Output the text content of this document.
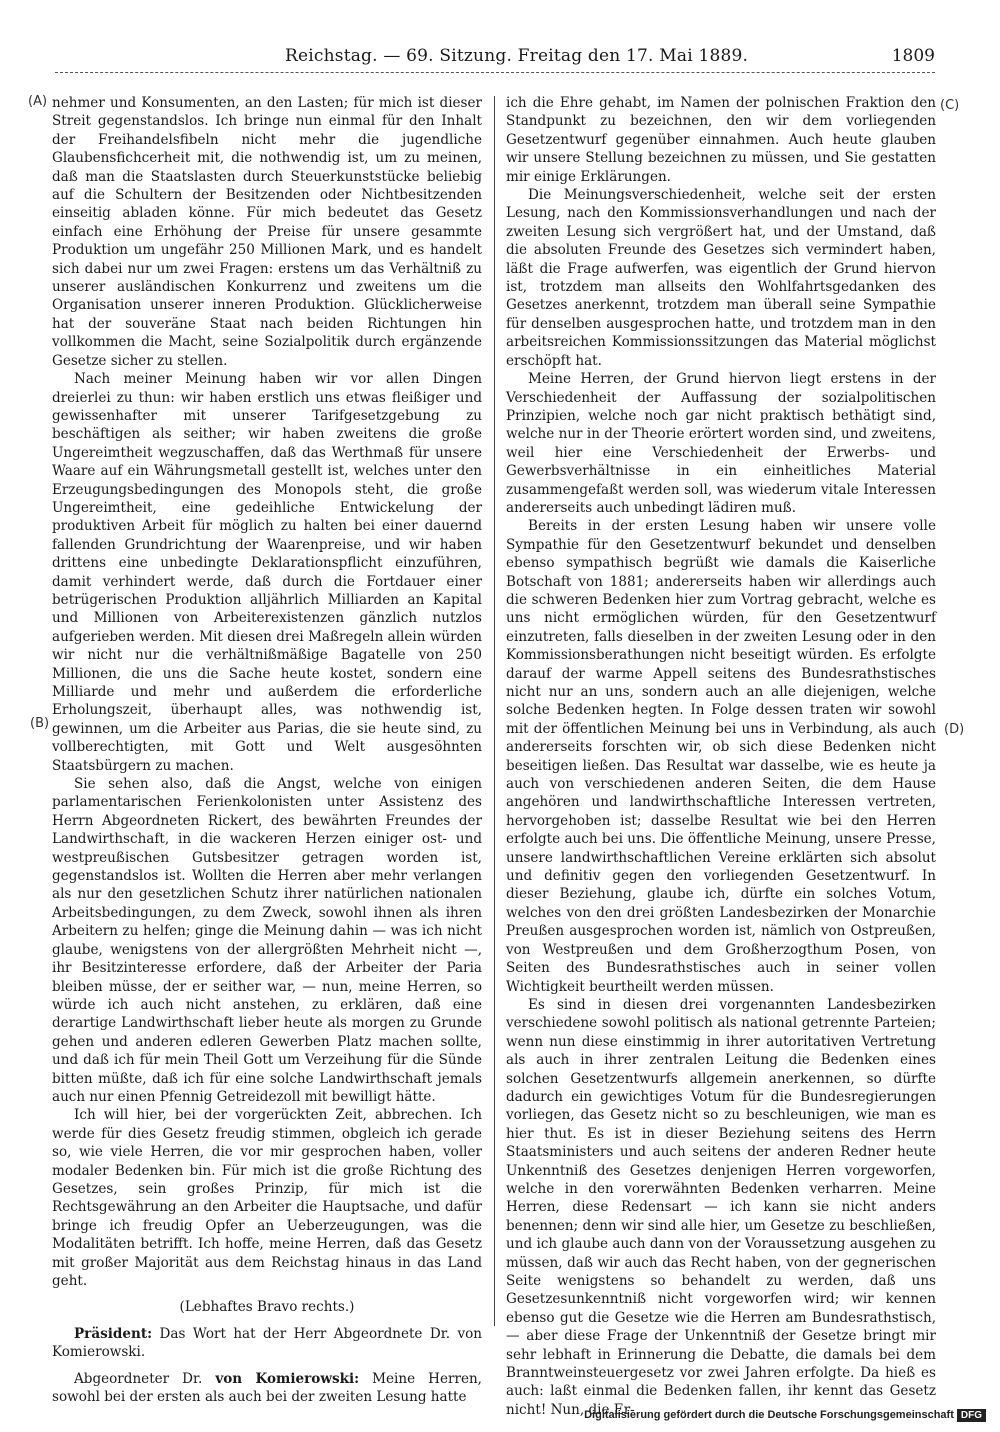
Reichstag. — 69. Sitzung. Freitag den 17. Mai 1889.	1809
(A)
(B)
(C)
(D)

nehmer und Konsumenten, an den Lasten; für mich ist dieser Streit gegenstandslos. Ich bringe nun einmal für den Inhalt der Freihandelsfibeln nicht mehr die jugendliche Glaubensfichcerheit mit, die nothwendig ist, um zu meinen, daß man die Staatslasten durch Steuerkunststücke beliebig auf die Schultern der Besitzenden oder Nichtbesitzenden einseitig abladen könne. Für mich bedeutet das Gesetz einfach eine Erhöhung der Preise für unsere gesammte Produktion um ungefähr 250 Millionen Mark, und es handelt sich dabei nur um zwei Fragen: erstens um das Verhältniß zu unserer ausländischen Konkurrenz und zweitens um die Organisation unserer inneren Produktion. Glücklicherweise hat der souveräne Staat nach beiden Richtungen hin vollkommen die Macht, seine Sozialpolitik durch ergänzende Gesetze sicher zu stellen.

Nach meiner Meinung haben wir vor allen Dingen dreierlei zu thun: wir haben erstlich uns etwas fleißiger und gewissenhafter mit unserer Tarifgesetzgebung zu beschäftigen als seither; wir haben zweitens die große Ungereimtheit wegzuschaffen, daß das Werthmaß für unsere Waare auf ein Währungsmetall gestellt ist, welches unter den Erzeugungsbedingungen des Monopols steht, die große Ungereimtheit, eine gedeihliche Entwickelung der produktiven Arbeit für möglich zu halten bei einer dauernd fallenden Grundrichtung der Waarenpreise, und wir haben drittens eine unbedingte Deklarationspflicht einzuführen, damit verhindert werde, daß durch die Fortdauer einer betrügerischen Produktion alljährlich Milliarden an Kapital und Millionen von Arbeiterexistenzen gänzlich nutzlos aufgerieben werden. Mit diesen drei Maßregeln allein würden wir nicht nur die verhältnißmäßige Bagatelle von 250 Millionen, die uns die Sache heute kostet, sondern eine Milliarde und mehr und außerdem die erforderliche Erholungszeit, überhaupt alles, was nothwendig ist, gewinnen, um die Arbeiter aus Parias, die sie heute sind, zu vollberechtigten, mit Gott und Welt ausgesöhnten Staatsbürgern zu machen.

Sie sehen also, daß die Angst, welche von einigen parlamentarischen Ferienkolonisten unter Assistenz des Herrn Abgeordneten Rickert, des bewährten Freundes der Landwirthschaft, in die wackeren Herzen einiger ost- und westpreußischen Gutsbesitzer getragen worden ist, gegenstandslos ist. Wollten die Herren aber mehr verlangen als nur den gesetzlichen Schutz ihrer natürlichen nationalen Arbeitsbedingungen, zu dem Zweck, sowohl ihnen als ihren Arbeitern zu helfen; ginge die Meinung dahin — was ich nicht glaube, wenigstens von der allergrößten Mehrheit nicht —, ihr Besitzinteresse erfordere, daß der Arbeiter der Paria bleiben müsse, der er seither war, — nun, meine Herren, so würde ich auch nicht anstehen, zu erklären, daß eine derartige Landwirthschaft lieber heute als morgen zu Grunde gehen und anderen edleren Gewerben Platz machen sollte, und daß ich für mein Theil Gott um Verzeihung für die Sünde bitten müßte, daß ich für eine solche Landwirthschaft jemals auch nur einen Pfennig Getreidezoll mit bewilligt hätte.

Ich will hier, bei der vorgerückten Zeit, abbrechen. Ich werde für dies Gesetz freudig stimmen, obgleich ich gerade so, wie viele Herren, die vor mir gesprochen haben, voller modaler Bedenken bin. Für mich ist die große Richtung des Gesetzes, sein großes Prinzip, für mich ist die Rechtsgewährung an den Arbeiter die Hauptsache, und dafür bringe ich freudig Opfer an Ueberzeugungen, was die Modalitäten betrifft. Ich hoffe, meine Herren, daß das Gesetz mit großer Majorität aus dem Reichstag hinaus in das Land geht.

(Lebhaftes Bravo rechts.)

Präsident: Das Wort hat der Herr Abgeordnete Dr. von Komierowski.

Abgeordneter Dr. von Komierowski: Meine Herren, sowohl bei der ersten als auch bei der zweiten Lesung hatte

ich die Ehre gehabt, im Namen der polnischen Fraktion den Standpunkt zu bezeichnen, den wir dem vorliegenden Gesetzentwurf gegenüber einnahmen. Auch heute glauben wir unsere Stellung bezeichnen zu müssen, und Sie gestatten mir einige Erklärungen.

Die Meinungsverschiedenheit, welche seit der ersten Lesung, nach den Kommissionsverhandlungen und nach der zweiten Lesung sich vergrößert hat, und der Umstand, daß die absoluten Freunde des Gesetzes sich vermindert haben, läßt die Frage aufwerfen, was eigentlich der Grund hiervon ist, trotzdem man allseits den Wohlfahrtsgedanken des Gesetzes anerkennt, trotzdem man überall seine Sympathie für denselben ausgesprochen hatte, und trotzdem man in den arbeitsreichen Kommissionssitzungen das Material möglichst erschöpft hat.

Meine Herren, der Grund hiervon liegt erstens in der Verschiedenheit der Auffassung der sozialpolitischen Prinzipien, welche noch gar nicht praktisch bethätigt sind, welche nur in der Theorie erörtert worden sind, und zweitens, weil hier eine Verschiedenheit der Erwerbs- und Gewerbsverhältnisse in ein einheitliches Material zusammengefaßt werden soll, was wiederum vitale Interessen andererseits auch unbedingt lädiren muß.

Bereits in der ersten Lesung haben wir unsere volle Sympathie für den Gesetzentwurf bekundet und denselben ebenso sympathisch begrüßt wie damals die Kaiserliche Botschaft von 1881; andererseits haben wir allerdings auch die schweren Bedenken hier zum Vortrag gebracht, welche es uns nicht ermöglichen würden, für den Gesetzentwurf einzutreten, falls dieselben in der zweiten Lesung oder in den Kommissionsberathungen nicht beseitigt würden. Es erfolgte darauf der warme Appell seitens des Bundesrathstisches nicht nur an uns, sondern auch an alle diejenigen, welche solche Bedenken hegten. In Folge dessen traten wir sowohl mit der öffentlichen Meinung bei uns in Verbindung, als auch andererseits forschten wir, ob sich diese Bedenken nicht beseitigen ließen. Das Resultat war dasselbe, wie es heute ja auch von verschiedenen anderen Seiten, die dem Hause angehören und landwirthschaftliche Interessen vertreten, hervorgehoben ist; dasselbe Resultat wie bei den Herren erfolgte auch bei uns. Die öffentliche Meinung, unsere Presse, unsere landwirthschaftlichen Vereine erklärten sich absolut und definitiv gegen den vorliegenden Gesetzentwurf. In dieser Beziehung, glaube ich, dürfte ein solches Votum, welches von den drei größten Landesbezirken der Monarchie Preußen ausgesprochen worden ist, nämlich von Ostpreußen, von Westpreußen und dem Großherzogthum Posen, von Seiten des Bundesrathstisches auch in seiner vollen Wichtigkeit beurtheilt werden müssen.

Es sind in diesen drei vorgenannten Landesbezirken verschiedene sowohl politisch als national getrennte Parteien; wenn nun diese einstimmig in ihrer autoritativen Vertretung als auch in ihrer zentralen Leitung die Bedenken eines solchen Gesetzentwurfs allgemein anerkennen, so dürfte dadurch ein gewichtiges Votum für die Bundesregierungen vorliegen, das Gesetz nicht so zu beschleunigen, wie man es hier thut. Es ist in dieser Beziehung seitens des Herrn Staatsministers und auch seitens der anderen Redner heute Unkenntniß des Gesetzes denjenigen Herren vorgeworfen, welche in den vorerwähnten Bedenken verharren. Meine Herren, diese Redensart — ich kann sie nicht anders benennen; denn wir sind alle hier, um Gesetze zu beschließen, und ich glaube auch dann von der Voraussetzung ausgehen zu müssen, daß wir auch das Recht haben, von der gegnerischen Seite wenigstens so behandelt zu werden, daß uns Gesetzesunkenntniß nicht vorgeworfen wird; wir kennen ebenso gut die Gesetze wie die Herren am Bundesrathstisch, — aber diese Frage der Unkenntniß der Gesetze bringt mir sehr lebhaft in Erinnerung die Debatte, die damals bei dem Branntweinsteuergesetz vor zwei Jahren erfolgte. Da hieß es auch: laßt einmal die Bedenken fallen, ihr kennt das Gesetz nicht! Nun, die Er-

Digitalisierung gefördert durch die Deutsche Forschungsgemeinschaft DFG
